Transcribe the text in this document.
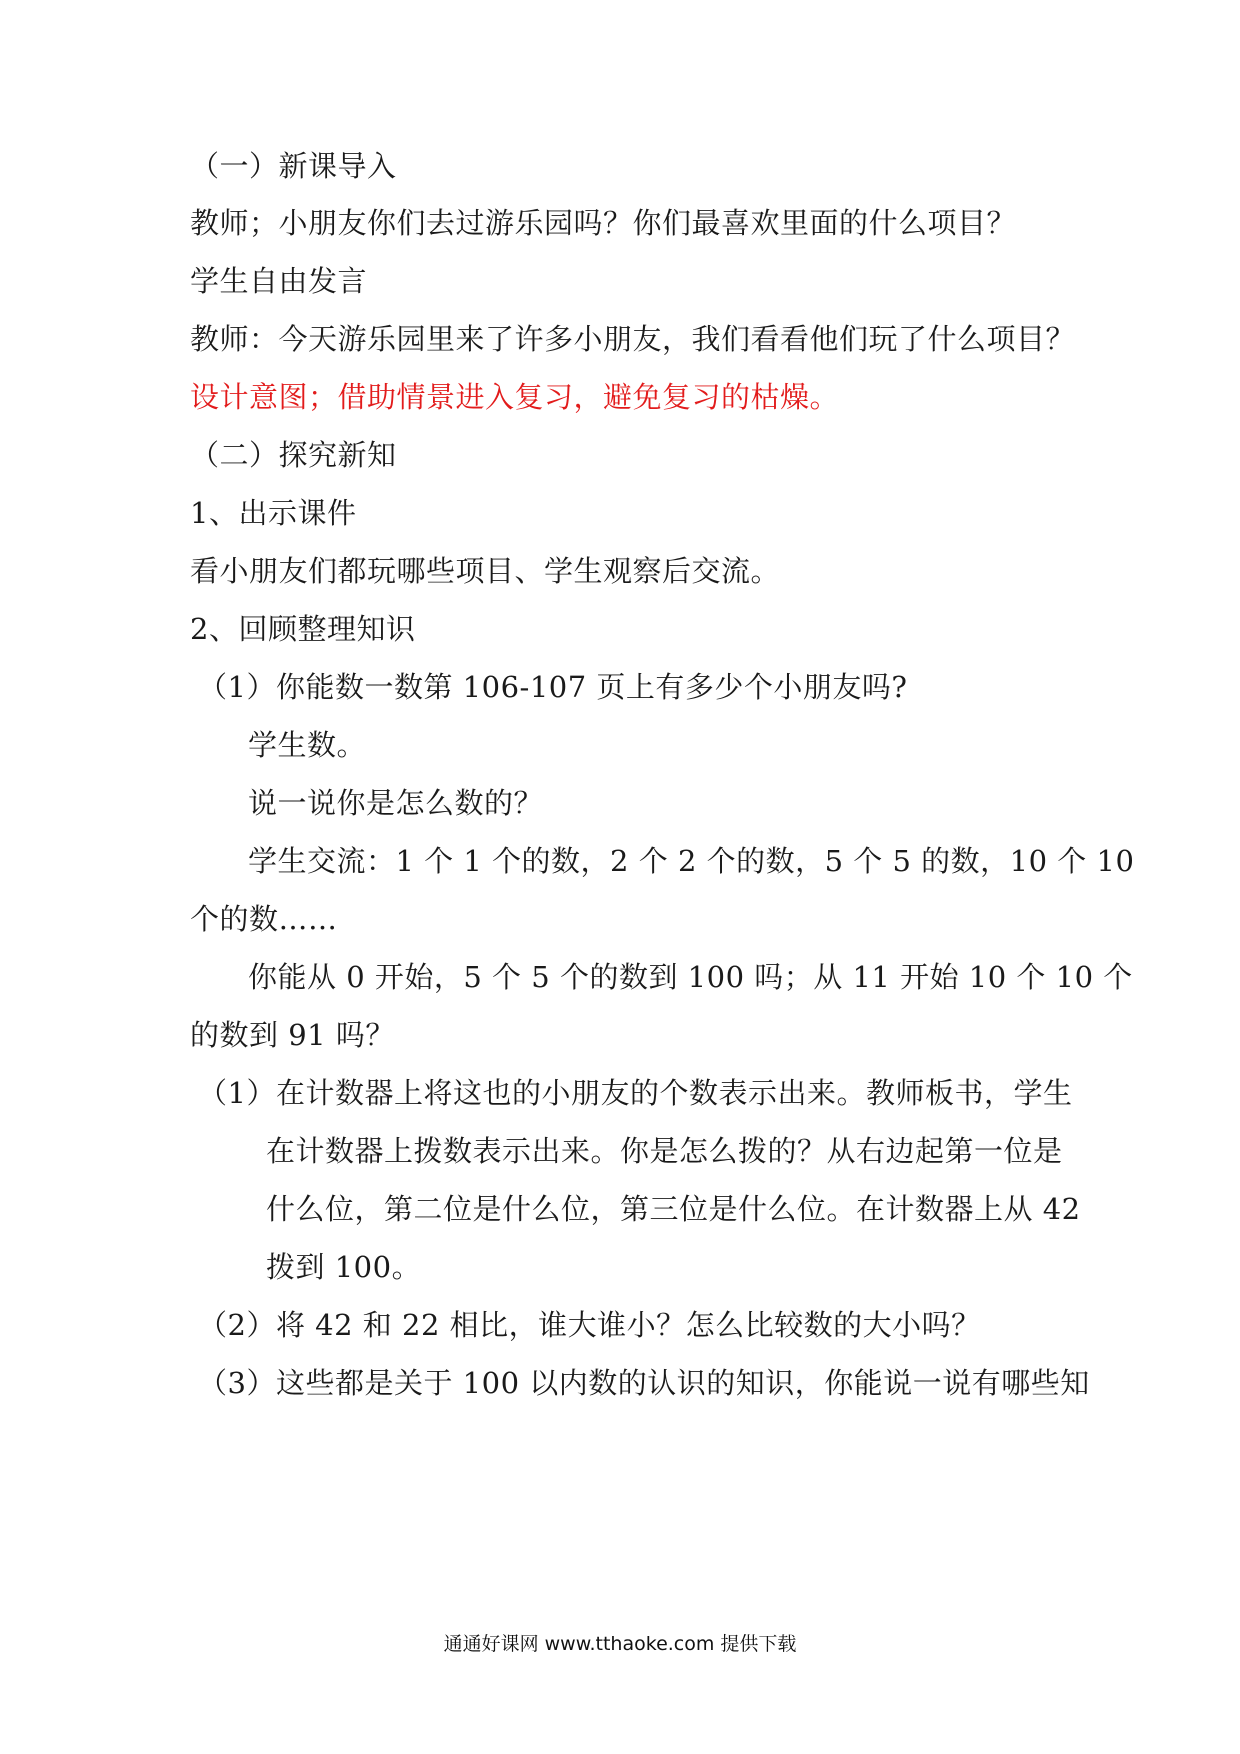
（一）新课导入
教师；小朋友你们去过游乐园吗？你们最喜欢里面的什么项目？
学生自由发言
教师：今天游乐园里来了许多小朋友，我们看看他们玩了什么项目？
设计意图；借助情景进入复习，避免复习的枯燥。
（二）探究新知
1、出示课件
看小朋友们都玩哪些项目、学生观察后交流。
2、回顾整理知识
（1）你能数一数第 106-107 页上有多少个小朋友吗?
学生数。
说一说你是怎么数的？
学生交流：1 个 1 个的数，2 个 2 个的数，5 个 5 的数，10 个 10
个的数……
你能从 0 开始，5 个 5 个的数到 100 吗；从 11 开始 10 个 10 个
的数到 91 吗？
（1）在计数器上将这也的小朋友的个数表示出来。教师板书，学生
在计数器上拨数表示出来。你是怎么拨的？从右边起第一位是
什么位，第二位是什么位，第三位是什么位。在计数器上从 42
拨到 100。
（2）将 42 和 22 相比，谁大谁小？怎么比较数的大小吗？
（3）这些都是关于 100 以内数的认识的知识，你能说一说有哪些知
通通好课网 www.tthaoke.com 提供下载
